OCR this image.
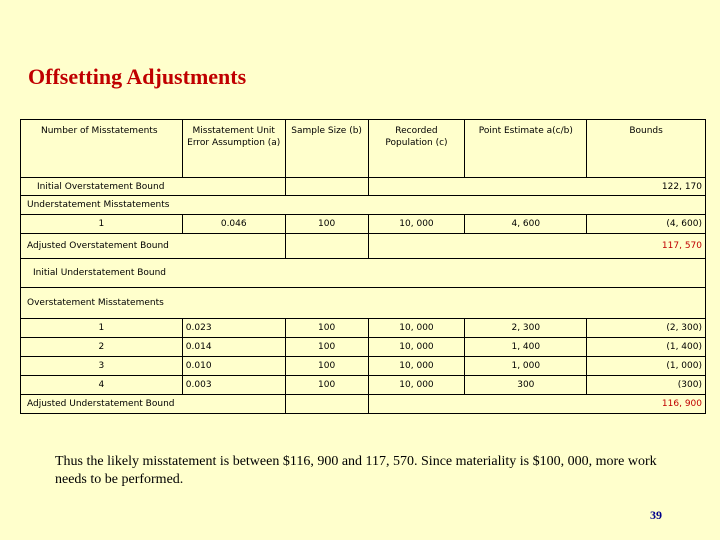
Offsetting Adjustments
Number of Misstatements	Misstatement Unit Error Assumption (a)	Sample Size (b)	Recorded Population (c)	Point Estimate a(c/b)	Bounds
Initial Overstatement Bound			122, 170		
Understatement Misstatements					
1	0.046	100	10, 000	4, 600	(4, 600)
Adjusted Overstatement Bound			117, 570		
Initial Understatement Bound					
Overstatement Misstatements					
1	0.023	100	10, 000	2, 300	(2, 300)
2	0.014	100	10, 000	1, 400	(1, 400)
3	0.010	100	10, 000	1, 000	(1, 000)
4	0.003	100	10, 000	300	(300)
Adjusted Understatement Bound			116, 900		
Thus the likely misstatement is between $116, 900 and 117, 570. Since materiality is $100, 000, more work needs to be performed.
39
